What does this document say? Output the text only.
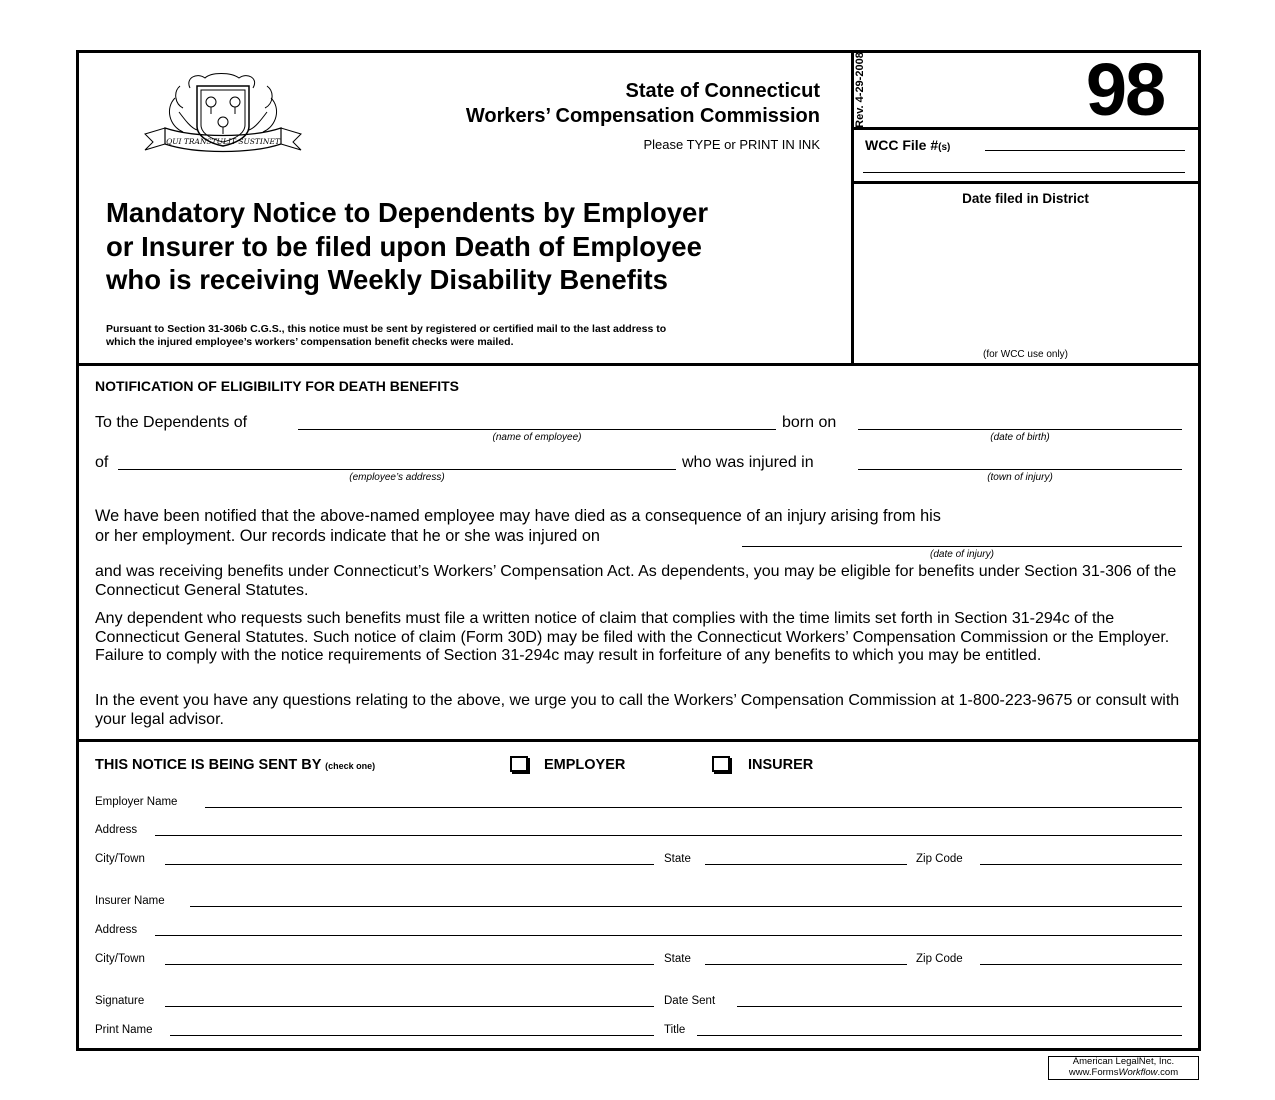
QUI TRANSTULIT SUSTINET
State of Connecticut
Workers’ Compensation Commission
Please TYPE or PRINT IN INK
Rev. 4-29-2008	98
WCC File #(s)
Date filed in District
(for WCC use only)
Mandatory Notice to Dependents by Employer
or Insurer to be filed upon Death of Employee
who is receiving Weekly Disability Benefits
Pursuant to Section 31-306b C.G.S., this notice must be sent by registered or certified mail to the last address to
which the injured employee’s workers’ compensation benefit checks were mailed.
NOTIFICATION OF ELIGIBILITY FOR DEATH BENEFITS
To the Dependents of
(name of employee)
born on
(date of birth)
of
(employee’s address)
who was injured in
(town of injury)
We have been notified that the above-named employee may have died as a consequence of an injury arising from his
or her employment. Our records indicate that he or she was injured on
(date of injury)
and was receiving benefits under Connecticut’s Workers’ Compensation Act. As dependents, you may be eligible for benefits under Section 31-306 of the Connecticut General Statutes.
Any dependent who requests such benefits must file a written notice of claim that complies with the time limits set forth in Section 31-294c of the Connecticut General Statutes. Such notice of claim (Form 30D) may be filed with the Connecticut Workers’ Compensation Commission or the Employer. Failure to comply with the notice requirements of Section 31-294c may result in forfeiture of any benefits to which you may be entitled.
In the event you have any questions relating to the above, we urge you to call the Workers’ Compensation Commission at 1-800-223-9675 or consult with your legal advisor.
THIS NOTICE IS BEING SENT BY (check one)	EMPLOYER	INSURER
Employer Name
Address
City/Town	State	Zip Code
Insurer Name
Address
City/Town	State	Zip Code
Signature	Date Sent
Print Name	Title
American LegalNet, Inc.
www.FormsWorkflow.com
